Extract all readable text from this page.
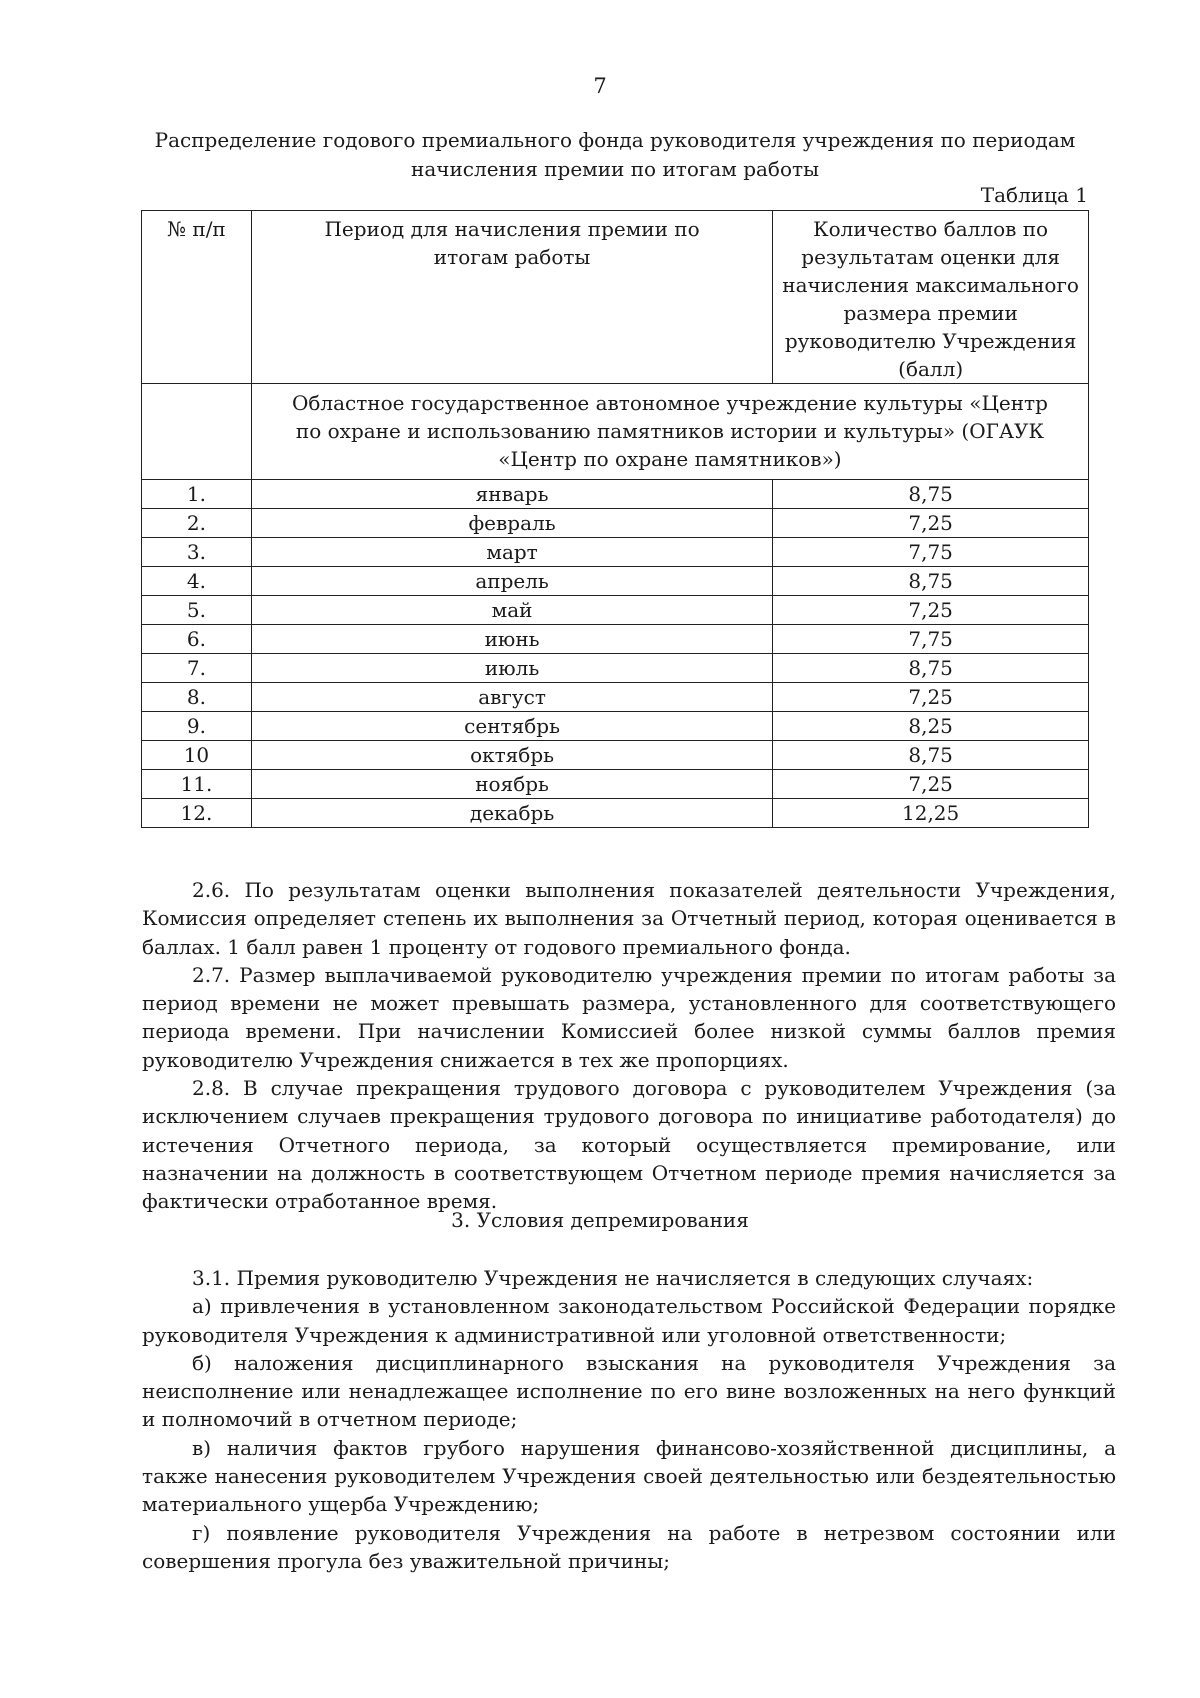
7
Распределение годового премиального фонда руководителя учреждения по периодам начисления премии по итогам работы
Таблица 1
№ п/п	Период для начисления премии по итогам работы	Количество баллов по результатам оценки для начисления максимального размера премии руководителю Учреждения (балл)
	Областное государственное автономное учреждение культуры «Центр по охране и использованию памятников истории и культуры» (ОГАУК «Центр по охране памятников»)	
1.	январь	8,75
2.	февраль	7,25
3.	март	7,75
4.	апрель	8,75
5.	май	7,25
6.	июнь	7,75
7.	июль	8,75
8.	август	7,25
9.	сентябрь	8,25
10	октябрь	8,75
11.	ноябрь	7,25
12.	декабрь	12,25

2.6. По результатам оценки выполнения показателей деятельности Учреждения, Комиссия определяет степень их выполнения за Отчетный период, которая оценивается в баллах. 1 балл равен 1 проценту от годового премиального фонда.

2.7. Размер выплачиваемой руководителю учреждения премии по итогам работы за период времени не может превышать размера, установленного для соответствующего периода времени. При начислении Комиссией более низкой суммы баллов премия руководителю Учреждения снижается в тех же пропорциях.

2.8. В случае прекращения трудового договора с руководителем Учреждения (за исключением случаев прекращения трудового договора по инициативе работодателя) до истечения Отчетного периода, за который осуществляется премирование, или назначении на должность в соответствующем Отчетном периоде премия начисляется за фактически отработанное время.

3. Условия депремирования

3.1. Премия руководителю Учреждения не начисляется в следующих случаях:

а) привлечения в установленном законодательством Российской Федерации порядке руководителя Учреждения к административной или уголовной ответственности;

б) наложения дисциплинарного взыскания на руководителя Учреждения за неисполнение или ненадлежащее исполнение по его вине возложенных на него функций и полномочий в отчетном периоде;

в) наличия фактов грубого нарушения финансово-хозяйственной дисциплины, а также нанесения руководителем Учреждения своей деятельностью или бездеятельностью материального ущерба Учреждению;

г) появление руководителя Учреждения на работе в нетрезвом состоянии или совершения прогула без уважительной причины;
